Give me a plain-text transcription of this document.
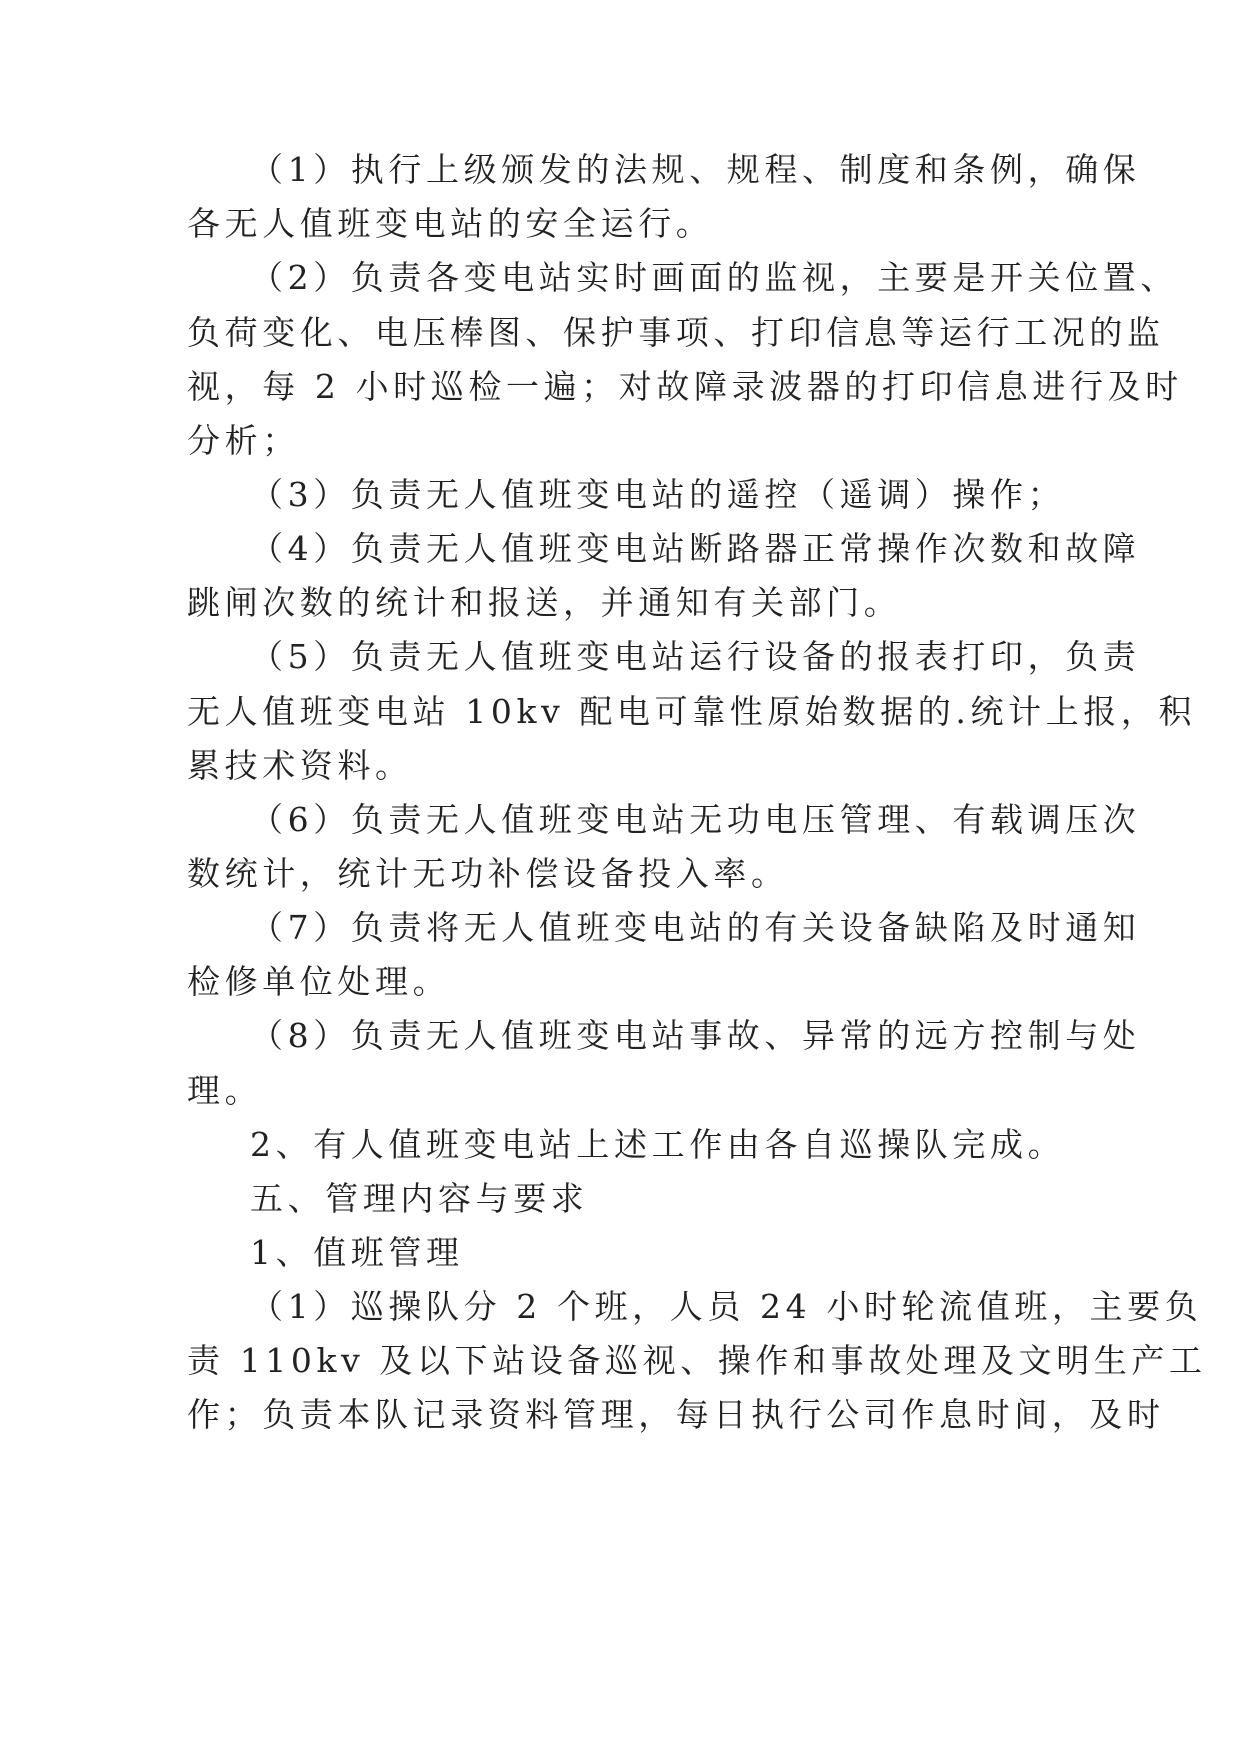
（1）执行上级颁发的法规、规程、制度和条例，确保
各无人值班变电站的安全运行。
（2）负责各变电站实时画面的监视，主要是开关位置、
负荷变化、电压棒图、保护事项、打印信息等运行工况的监
视，每 2 小时巡检一遍；对故障录波器的打印信息进行及时
分析；
（3）负责无人值班变电站的遥控（遥调）操作；
（4）负责无人值班变电站断路器正常操作次数和故障
跳闸次数的统计和报送，并通知有关部门。
（5）负责无人值班变电站运行设备的报表打印，负责
无人值班变电站 10kv 配电可靠性原始数据的.统计上报，积
累技术资料。
（6）负责无人值班变电站无功电压管理、有载调压次
数统计，统计无功补偿设备投入率。
（7）负责将无人值班变电站的有关设备缺陷及时通知
检修单位处理。
（8）负责无人值班变电站事故、异常的远方控制与处
理。
2、有人值班变电站上述工作由各自巡操队完成。
五、管理内容与要求
1、值班管理
（1）巡操队分 2 个班，人员 24 小时轮流值班，主要负
责 110kv 及以下站设备巡视、操作和事故处理及文明生产工
作；负责本队记录资料管理，每日执行公司作息时间，及时
